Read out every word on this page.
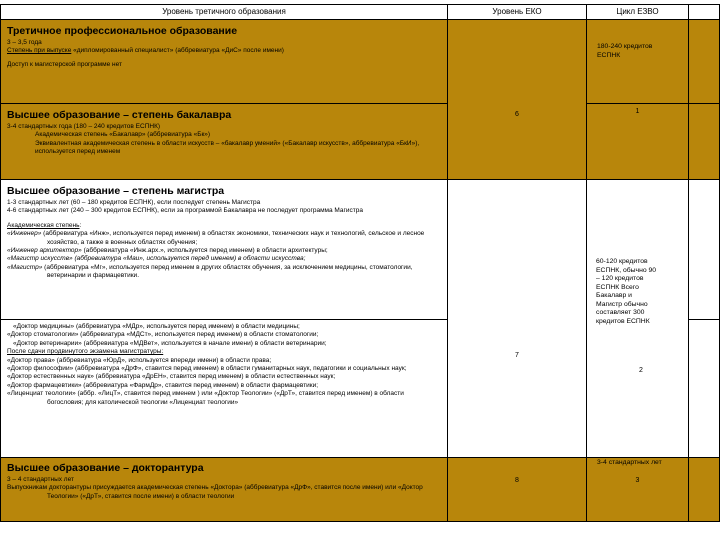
Уровень третичного образования	Уровень ЕКО	Цикл ЕЗВО
Третичное профессиональное образование
3 – 3,5 года
Степень при выпуске «дипломированный специалист» (аббревиатура «ДиС» после имени)
Доступ к магистерской программе нет
180-240 кредитов ЕСПНК
6
Высшее образование – степень бакалавра
3-4 стандартных года (180 – 240 кредитов ЕСПНК)
Академическая степень «Бакалавр» (аббревиатура «Бк»)
Эквивалентная академическая степень в области искусств – «бакалавр умений» («Бакалавр искусств», аббревиатура «БкИ»), используется перед именем
1
Высшее образование – степень магистра
1-3 стандартных лет (60 – 180 кредитов ЕСПНК), если последует степень Магистра
4-6 стандартных лет (240 – 300 кредитов ЕСПНК), если за программой Бакалавра не последует программа Магистра
Академическая степень:
«Инженер» (аббревиатура «Инж», используется перед именем) в областях экономики, технических наук и технологий, сельское и лесное хозяйство, а также в военных областях обучения;
«Инженер архитектор» (аббревиатура «Инж.арх.», используется перед именем) в области архитектуры;
«Магистр искусств» (аббревиатура «Маи», используется перед именем) в области искусства;
«Магистр» (аббревиатура «Мг», используется перед именем в других областях обучения, за исключением медицины, стоматологии, ветеринарии и фармацевтики.
7
60-120 кредитов ЕСПНК, обычно 90 – 120 кредитов ЕСПНК Всего Бакалавр и Магистр обычно составляет 300 кредитов ЕСПНК
2
«Доктор медицины» (аббревиатура «МДр», используется перед именем) в области медицины;
«Доктор стоматологии» (аббревиатура «МДСт», используется перед именем) в области стоматологии;
«Доктор ветеринарии» (аббревиатура «МДВет», используется в начале имени) в области ветеринарии;
После сдачи продвинутого экзамена магистратуры:
«Доктор права» (аббревиатура «ЮрД», используется впереди имени) в области права;
«Доктор философии» (аббревиатура «ДрФ», ставится перед именем) в области гуманитарных наук, педагогики и социальных наук;
«Доктор естественных наук» (аббревиатура «ДрЕН», ставится перед именем) в области естественных наук;
«Доктор фармацевтики» (аббревиатура «ФармДр», ставится перед именем) в области фармацевтики;
«Лиценциат теологии» (аббр. «ЛицТ», ставится перед именем ) или «Доктор Теологии» («ДрТ», ставится перед именем) в области богословия; для католической теологии «Лиценциат теологии»
Высшее образование – докторантура
3 – 4 стандартных лет
Выпускникам докторантуры присуждается академическая степень «Доктора» (аббревиатура «ДрФ», ставится после имени) или «Доктор Теологии» («ДрТ», ставится после имени) в области теологии
8
3-4 стандартных лет
3
